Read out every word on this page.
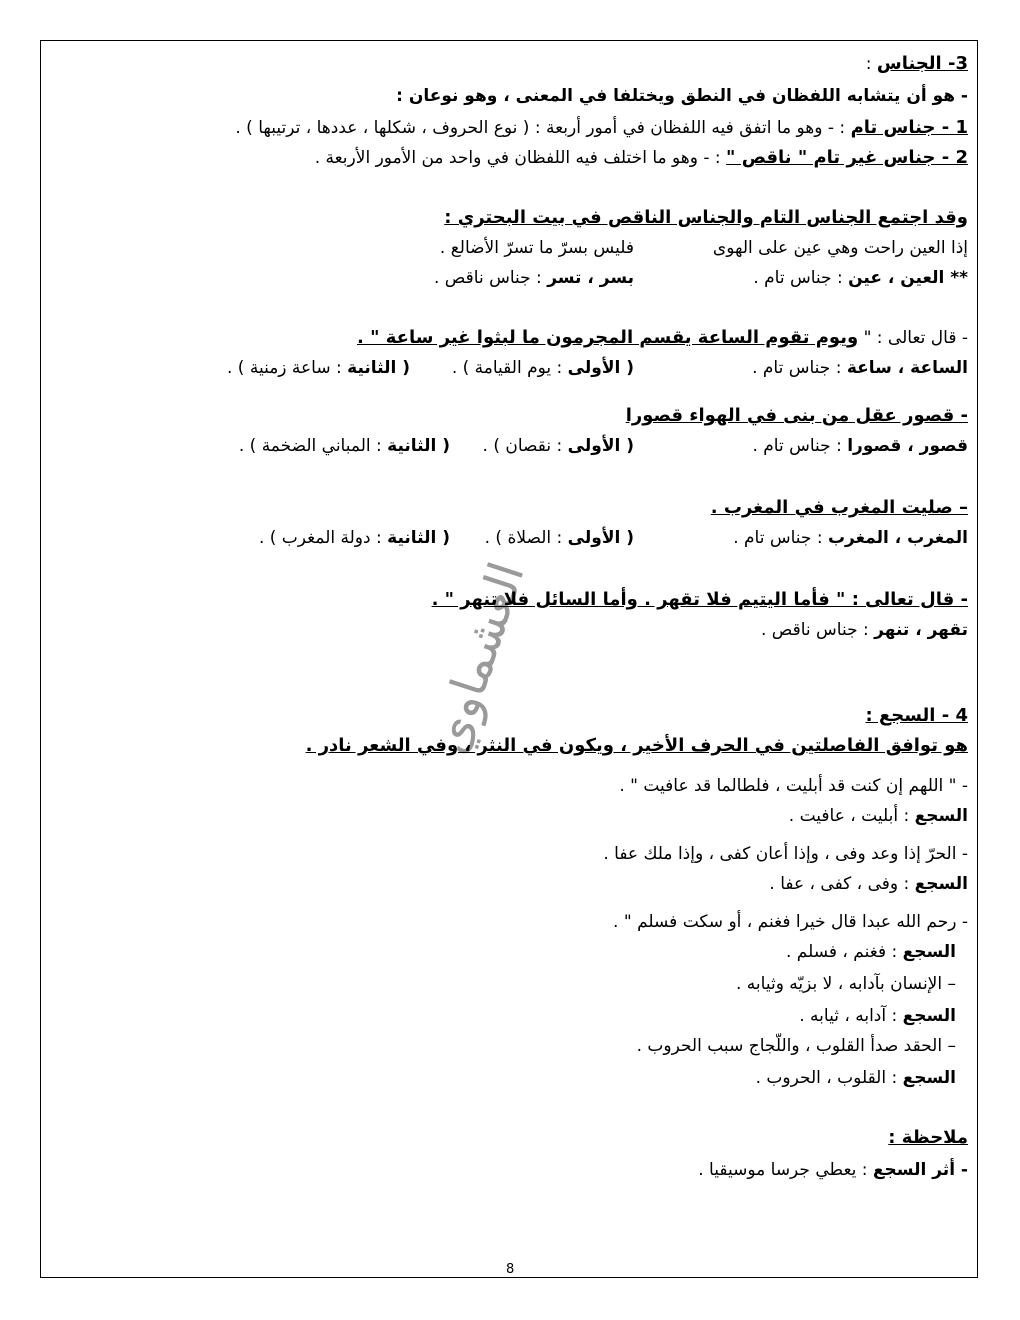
العشماوي
3- الجناس :
- هو أن يتشابه اللفظان في النطق ويختلفا في المعنى ، وهو نوعان :
1 - جناس تام : - وهو ما اتفق فيه اللفظان في أمور أربعة : ( نوع الحروف ، شكلها ، عددها ، ترتيبها ) .
2 - جناس غير تام " ناقص " : - وهو ما اختلف فيه اللفظان في واحد من الأمور الأربعة .
وقد اجتمع الجناس التام والجناس الناقص في بيت البحتري :
إذا العين راحت وهي عين على الهوى
فليس بسرّ ما تسرّ الأضالع .
** العين ، عين : جناس تام .
بسر ، تسر : جناس ناقص .
- قال تعالى : " ويوم تقوم الساعة يقسم المجرمون ما لبثوا غير ساعة " .
الساعة ، ساعة : جناس تام .
( الأولى : يوم القيامة ) .
( الثانية : ساعة زمنية ) .
- قصور عقل من بنى في الهواء قصورا
قصور ، قصورا : جناس تام .
( الأولى : نقصان ) .
( الثانية : المباني الضخمة ) .
– صليت المغرب في المغرب .
المغرب ، المغرب : جناس تام .
( الأولى : الصلاة ) .
( الثانية : دولة المغرب ) .
- قال تعالى : " فأما اليتيم فلا تقهر . وأما السائل فلا تنهر " .
تقهر ، تنهر : جناس ناقص .
4 - السجع :
هو توافق الفاصلتين في الحرف الأخير ، ويكون في النثر ، وفي الشعر نادر .
- " اللهم إن كنت قد أبليت ، فلطالما قد عافيت " .
السجع : أبليت ، عافيت .
- الحرّ إذا وعد وفى ، وإذا أعان كفى ، وإذا ملك عفا .
السجع : وفى ، كفى ، عفا .
- رحم الله عبدا قال خيرا فغنم ، أو سكت فسلم " .
السجع : فغنم ، فسلم .
– الإنسان بآدابه ، لا بزيّه وثيابه .
السجع : آدابه ، ثيابه .
– الحقد صدأ القلوب ، واللّجاج سبب الحروب .
السجع : القلوب ، الحروب .
ملاحظة :
- أثر السجع : يعطي جرسا موسيقيا .
8
